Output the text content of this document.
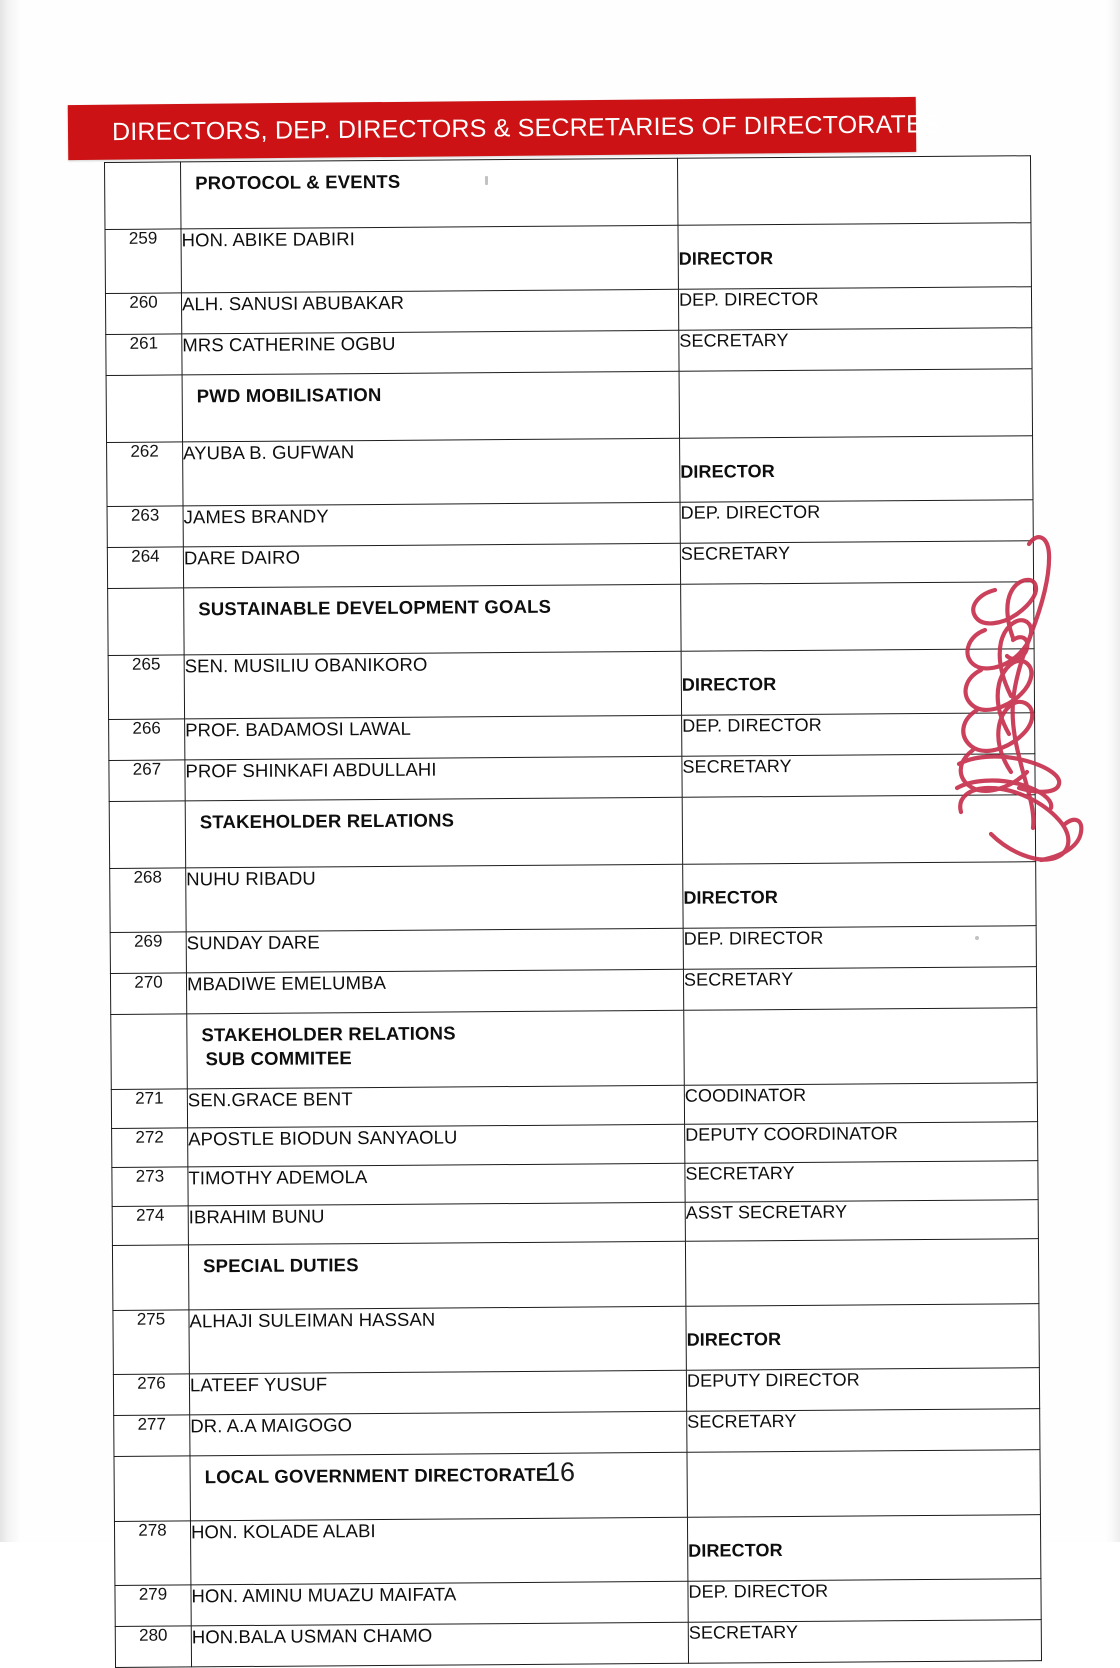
DIRECTORS, DEP. DIRECTORS & SECRETARIES OF DIRECTORATES
	PROTOCOL & EVENTS	
259	HON. ABIKE DABIRI	DIRECTOR
260	ALH. SANUSI ABUBAKAR	DEP. DIRECTOR
261	MRS CATHERINE OGBU	SECRETARY
	PWD MOBILISATION	
262	AYUBA B. GUFWAN	DIRECTOR
263	JAMES BRANDY	DEP. DIRECTOR
264	DARE DAIRO	SECRETARY
	SUSTAINABLE DEVELOPMENT GOALS	
265	SEN. MUSILIU OBANIKORO	DIRECTOR
266	PROF. BADAMOSI LAWAL	DEP. DIRECTOR
267	PROF SHINKAFI ABDULLAHI	SECRETARY
	STAKEHOLDER RELATIONS	
268	NUHU RIBADU	DIRECTOR
269	SUNDAY DARE	DEP. DIRECTOR
270	MBADIWE EMELUMBA	SECRETARY
	STAKEHOLDER RELATIONS
SUB COMMITEE	

271	SEN.GRACE BENT	COODINATOR
272	APOSTLE BIODUN SANYAOLU	DEPUTY COORDINATOR
273	TIMOTHY ADEMOLA	SECRETARY
274	IBRAHIM BUNU	ASST SECRETARY
	SPECIAL DUTIES	
275	ALHAJI SULEIMAN HASSAN	DIRECTOR
276	LATEEF YUSUF	DEPUTY DIRECTOR
277	DR. A.A MAIGOGO	SECRETARY
	LOCAL GOVERNMENT DIRECTORATE	
278	HON. KOLADE ALABI	DIRECTOR
279	HON. AMINU MUAZU MAIFATA	DEP. DIRECTOR
280	HON.BALA USMAN CHAMO	SECRETARY
16
